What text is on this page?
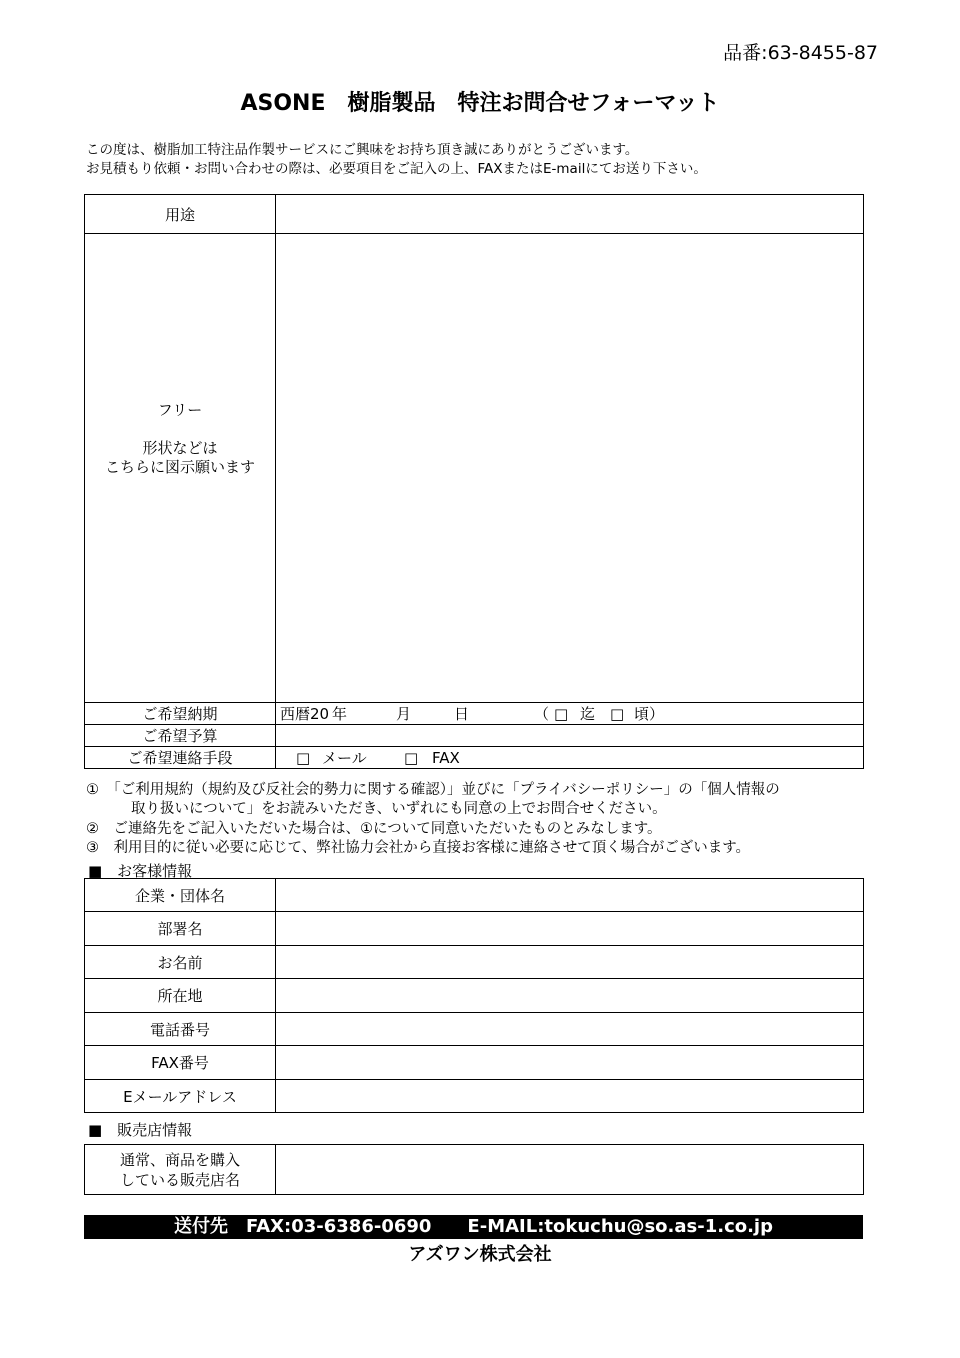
品番:63-8455-87
ASONE　樹脂製品　特注お問合せフォーマット
この度は、樹脂加工特注品作製サービスにご興味をお持ち頂き誠にありがとうございます。
お見積もり依頼・お問い合わせの際は、必要項目をご記入の上、FAXまたはE-mailにてお送り下さい。
用途	

フリー
形状などは
こちらに図示願います	

ご希望納期	西暦20 年 月 日 （ □ 迄 □ 頃）
ご希望予算	
ご希望連絡手段	□ メール □ FAX
①　「ご利用規約（規約及び反社会的勢力に関する確認）」並びに「プライバシーポリシー」の「個人情報の
取り扱いについて」をお読みいただき、いずれにも同意の上でお問合せください。
②　ご連絡先をご記入いただいた場合は、①について同意いただいたものとみなします。
③　利用目的に従い必要に応じて、弊社協力会社から直接お客様に連絡させて頂く場合がございます。
■　お客様情報
企業・団体名	
部署名	
お名前	
所在地	
電話番号	
FAX番号	
Eメールアドレス	
■　販売店情報
通常、商品を購入
している販売店名

送付先　FAX:03-6386-0690　　E-MAIL:tokuchu@so.as-1.co.jp
アズワン株式会社
